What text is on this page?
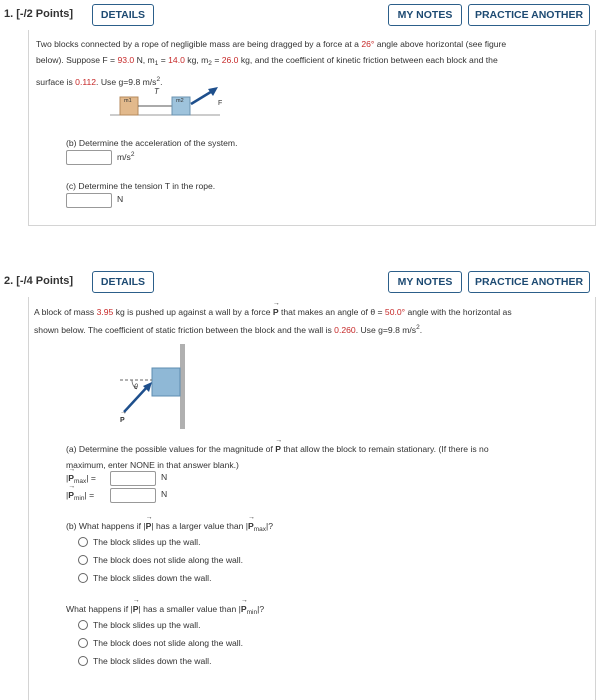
1. [-/2 Points]	DETAILS	MY NOTES	PRACTICE ANOTHER
Two blocks connected by a rope of negligible mass are being dragged by a force at a 26° angle above horizontal (see figure
below). Suppose F = 93.0 N, $m_1 = 14.0$ kg, $m_2 = 26.0$ kg, and the coefficient of kinetic friction between each block and the
surface is 0.112. Use g=9.8 $m/s^2$.
m1
T
m2	F
(b) Determine the acceleration of the system.
$m/s^2$
(c) Determine the tension T in the rope.
N
2. [-/4 Points]	DETAILS	MY NOTES	PRACTICE ANOTHER
A block of mass 3.95 kg is pushed up against a wall by a force → P that makes an angle of θ = 50.0° angle with the horizontal as
shown below. The coefficient of static friction between the block and the wall is 0.260. Use g=9.8 $m/s^2$.
θ
→ P
(a) Determine the possible values for the magnitude of → P that allow the block to remain stationary. (If there is no
maximum, enter NONE in that answer blank.)
|→ $P_{max}|$ =	N
|→ $P_{min}|$ =	N
(b) What happens if |→ P| has a larger value than |→ $P_{max}|$?
The block slides up the wall.
The block does not slide along the wall.
The block slides down the wall.
What happens if |→ P| has a smaller value than |→ $P_{min}|$?
The block slides up the wall.
The block does not slide along the wall.
The block slides down the wall.
